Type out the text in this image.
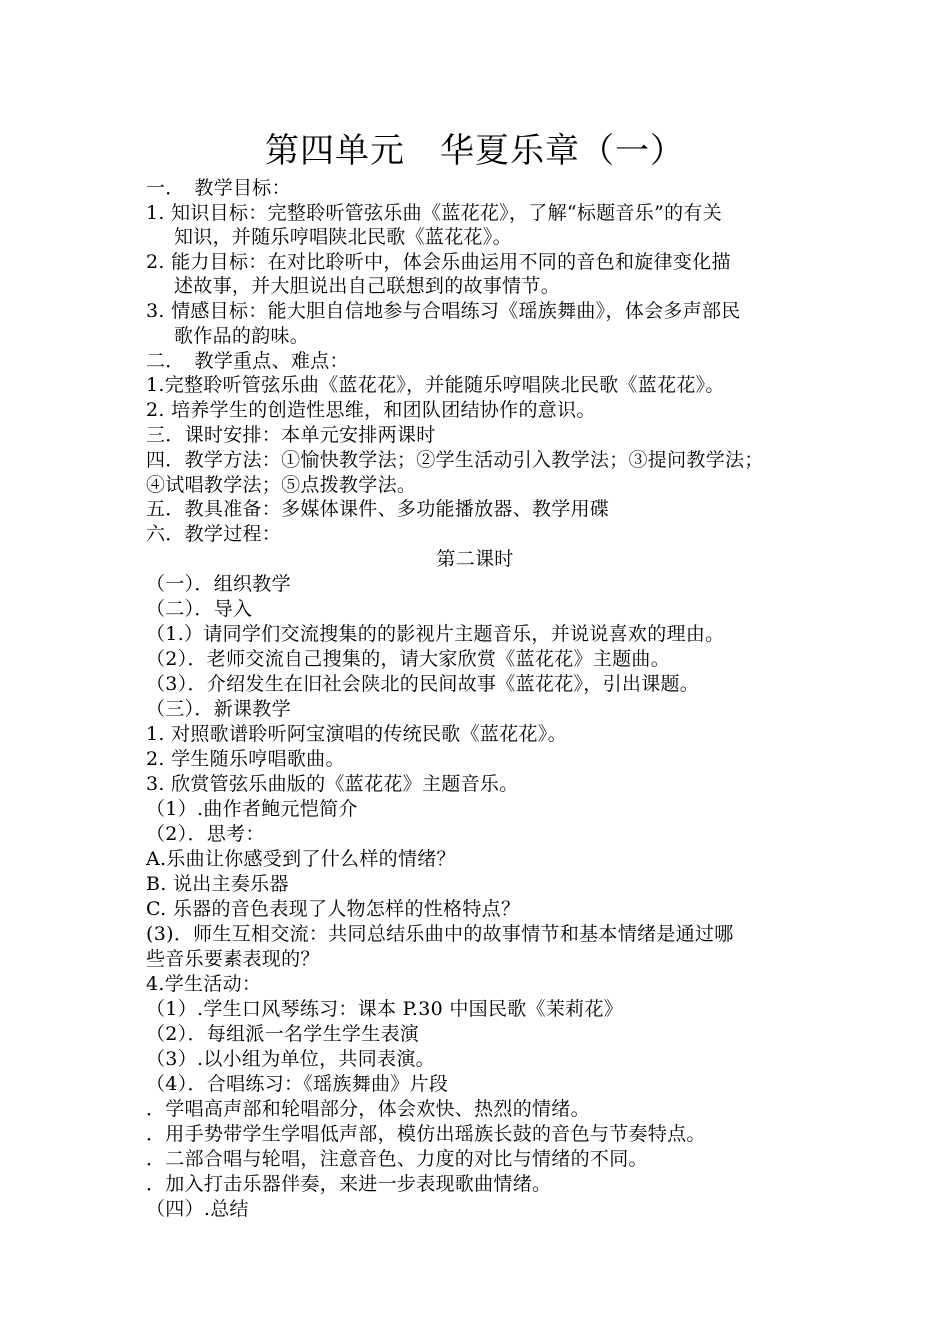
第四单元　华夏乐章（一）
一．　教学目标：
1. 知识目标：完整聆听管弦乐曲《蓝花花》，了解“标题音乐”的有关
知识，并随乐哼唱陕北民歌《蓝花花》。
2. 能力目标：在对比聆听中，体会乐曲运用不同的音色和旋律变化描
述故事，并大胆说出自己联想到的故事情节。
3. 情感目标：能大胆自信地参与合唱练习《瑶族舞曲》，体会多声部民
歌作品的韵味。
二．　教学重点、难点：
1.完整聆听管弦乐曲《蓝花花》，并能随乐哼唱陕北民歌《蓝花花》。
2. 培养学生的创造性思维，和团队团结协作的意识。
三．课时安排：本单元安排两课时
四．教学方法：①愉快教学法；②学生活动引入教学法；③提问教学法；
④试唱教学法；⑤点拨教学法。
五．教具准备：多媒体课件、多功能播放器、教学用碟
六．教学过程：
第二课时
（一）．组织教学
（二）．导入
（1.）请同学们交流搜集的的影视片主题音乐，并说说喜欢的理由。
（2）．老师交流自己搜集的，请大家欣赏《蓝花花》主题曲。
（3）．介绍发生在旧社会陕北的民间故事《蓝花花》，引出课题。
（三）．新课教学
1. 对照歌谱聆听阿宝演唱的传统民歌《蓝花花》。
2. 学生随乐哼唱歌曲。
3. 欣赏管弦乐曲版的《蓝花花》主题音乐。
（1）.曲作者鲍元恺简介
（2）．思考：
A.乐曲让你感受到了什么样的情绪？
B. 说出主奏乐器
C. 乐器的音色表现了人物怎样的性格特点？
(3)．师生互相交流：共同总结乐曲中的故事情节和基本情绪是通过哪
些音乐要素表现的？
4.学生活动：
（1）.学生口风琴练习：课本 P.30 中国民歌《茉莉花》
（2）．每组派一名学生学生表演
（3）.以小组为单位，共同表演。
（4）．合唱练习：《瑶族舞曲》片段
．学唱高声部和轮唱部分，体会欢快、热烈的情绪。
．用手势带学生学唱低声部，模仿出瑶族长鼓的音色与节奏特点。
．二部合唱与轮唱，注意音色、力度的对比与情绪的不同。
．加入打击乐器伴奏，来进一步表现歌曲情绪。
（四）.总结
